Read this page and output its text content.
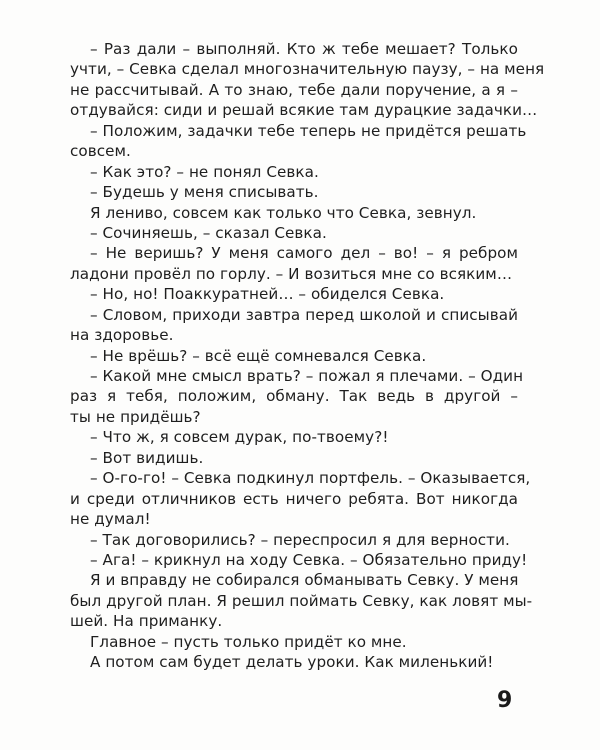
– Раз дали – выполняй. Кто ж тебе мешает? Только
учти, – Севка сделал многозначительную паузу, – на меня
не рассчитывай. А то знаю, тебе дали поручение, а я –
отдувайся: сиди и решай всякие там дурацкие задачки…
– Положим, задачки тебе теперь не придётся решать
совсем.
– Как это? – не понял Севка.
– Будешь у меня списывать.
Я лениво, совсем как только что Севка, зевнул.
– Сочиняешь, – сказал Севка.
– Не веришь? У меня самого дел – во! – я ребром
ладони провёл по горлу. – И возиться мне со всяким…
– Но, но! Поаккуратней… – обиделся Севка.
– Словом, приходи завтра перед школой и списывай
на здоровье.
– Не врёшь? – всё ещё сомневался Севка.
– Какой мне смысл врать? – пожал я плечами. – Один
раз я тебя, положим, обману. Так ведь в другой –
ты не придёшь?
– Что ж, я совсем дурак, по-твоему?!
– Вот видишь.
– О-го-го! – Севка подкинул портфель. – Оказывается,
и среди отличников есть ничего ребята. Вот никогда
не думал!
– Так договорились? – переспросил я для верности.
– Ага! – крикнул на ходу Севка. – Обязательно приду!
Я и вправду не собирался обманывать Севку. У меня
был другой план. Я решил поймать Севку, как ловят мы-
шей. На приманку.
Главное – пусть только придёт ко мне.
А потом сам будет делать уроки. Как миленький!
9
